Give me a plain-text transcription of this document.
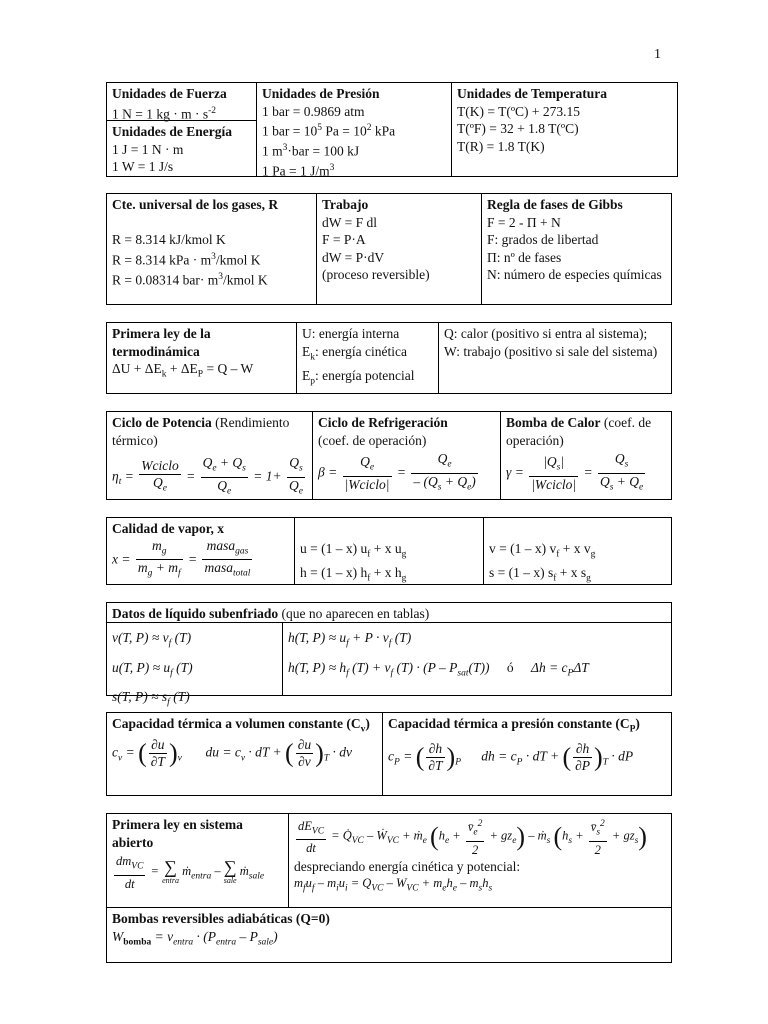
1
Unidades de Fuerza
1 N = 1 kg · $m \cdot s^{-2}$
Unidades de Energía
1 J = 1 N · m
1 W = 1 J/s
Unidades de Presión
1 bar = 0.9869 atm
1 bar = $10^5$ $Pa = 10^2$ kPa
1 $m^3\cdot bar = 100$ kJ
1 Pa = 1 $J/m^3$
Unidades de Temperatura
T(K) = T(ºC) + 273.15
T(ºF) = 32 + 1.8 T(ºC)
T(R) = 1.8 T(K)
Cte. universal de los gases, R

R = 8.314 kJ/kmol K
R = 8.314 kPa · $m^3$/kmol K
R = 0.08314 $bar\cdot m^3$/kmol K
Trabajo
dW = F dl
F = P·A
dW = P·dV
(proceso reversible)
Regla de fases de Gibbs
F = 2 - Π + N
F: grados de libertad
Π: nº de fases
N: número de especies químicas
Primera ley de la termodinámica
$\Delta U + \Delta E_k + \Delta E_P = Q - W$
U: energía interna
$E_k$: energía cinética
$E_p$: energía potencial
Q: calor (positivo si entra al sistema);
W: trabajo (positivo si sale del sistema)
Ciclo de Potencia (Rendimiento térmico)
$\eta_t = \frac{\text{Wciclo}}{Q_e} = \frac{Q_e + Q_s}{Q_e} = 1+ \frac{Q_s}{Q_e}$
Ciclo de Refrigeración
(coef. de operación)
$\beta = \frac{Q_e}{\text{|Wciclo|}} = \frac{Q_e}{- (Q_s + Q_e)}$
Bomba de Calor (coef. de operación)
$\gamma = \frac{|Q_s|}{\text{|Wciclo|}} = \frac{Q_s}{Q_s + Q_e}$
Calidad de vapor, x
$x = \frac{m_g}{m_g + m_f} = \frac{masa_{gas}}{masa_{total}}$	u = (1 – x) $u_f + x$ $u_g$
h = (1 – x) $h_f + x$ $h_g$
v = (1 – x) $v_f + x$ $v_g$
s = (1 – x) $s_f + x$ $s_g$
Datos de líquido subenfriado (que no aparecen en tablas)
v(T, $P) \approx v_f$ (T)
u(T, $P) \approx u_f$ (T)
s(T, $P) \approx s_f$ (T)
h(T, $P) \approx u_f + P \cdot v_f$ (T)
h(T, $P) \approx h_f$ $(T) + v_f$ $(T) \cdot (P - P_{sat}(T))$ ó $\Delta h = c_P\Delta T$
Capacidad térmica a volumen constante $(C_v)$
$c_v$ = ( $\frac{\partial u}{\partial T} )_v$       du = $c_v$ · dT + ( $\frac{\partial u}{\partial v} )_T$ · dv
Capacidad térmica a presión constante $(C_P)$
$c_P$ = ( $\frac{\partial h}{\partial T} )_P$      dh = $c_P$ · dT + ( $\frac{\partial h}{\partial P} )_T$ · dP
Primera ley en sistema abierto
$\frac{dm_{VC}}{dt}$ = ∑
entra
ṁ$_{entra}$ – ∑
sale
ṁ$_{sale}$
$\frac{dE_{VC}}{dt}$ = $Q̇_{VC}$ – Ẇ$_{VC}$ + ṁ$_e$ $(h_e + \frac{v̄_e^2}{2} + gz_e)$ – ṁ$_s$ $(h_s + \frac{v̄_s^2}{2} + gz_s)$
despreciando energía cinética y potencial:
$m_fu_f - m_iu_i = Q_{VC} - W_{VC} + m_eh_e - m_sh_s$
Bombas reversibles adiabáticas (Q=0)
$W_{bomba} = v_{entra} \cdot (P_{entra} - P_{sale})$
